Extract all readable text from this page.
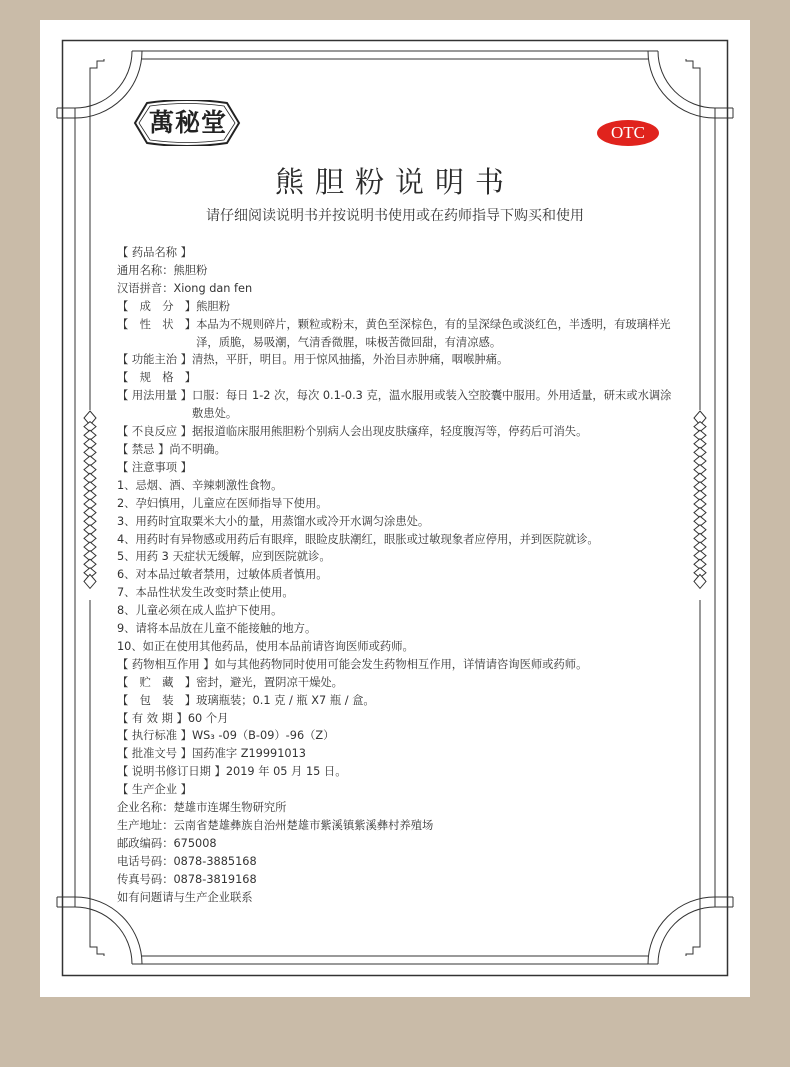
萬秘堂	OTC
熊胆粉说明书
请仔细阅读说明书并按说明书使用或在药师指导下购买和使用
【 药品名称 】
通用名称： 熊胆粉
汉语拼音： Xiong dan fen
【　成　分　】 熊胆粉
【　性　状　】 本品为不规则碎片，颗粒或粉末，黄色至深棕色，有的呈深绿色或淡红色，半透明，有玻璃样光泽，质脆，易吸潮，气清香微腥，味极苦微回甜，有清凉感。
【 功能主治 】 清热，平肝，明目。用于惊风抽搐，外治目赤肿痛，咽喉肿痛。
【　规　格　】
【 用法用量 】 口服：每日 1-2 次，每次 0.1-0.3 克，温水服用或装入空胶囊中服用。外用适量，研末或水调涂敷患处。
【 不良反应 】 据报道临床服用熊胆粉个别病人会出现皮肤瘙痒，轻度腹泻等，停药后可消失。
【 禁忌 】 尚不明确。
【 注意事项 】
1、 忌烟、酒、辛辣刺激性食物。
2、 孕妇慎用，儿童应在医师指导下使用。
3、 用药时宜取粟米大小的量，用蒸馏水或冷开水调匀涂患处。
4、 用药时有异物感或用药后有眼痒，眼睑皮肤潮红，眼胀或过敏现象者应停用，并到医院就诊。
5、 用药 3 天症状无缓解，应到医院就诊。
6、 对本品过敏者禁用，过敏体质者慎用。
7、 本品性状发生改变时禁止使用。
8、 儿童必须在成人监护下使用。
9、 请将本品放在儿童不能接触的地方。
10、 如正在使用其他药品，使用本品前请咨询医师或药师。
【 药物相互作用 】 如与其他药物同时使用可能会发生药物相互作用，详情请咨询医师或药师。
【　贮　藏　】 密封，避光，置阴凉干燥处。
【　包　装　】 玻璃瓶装；0.1 克 / 瓶 X7 瓶 / 盒。
【 有 效 期 】 60 个月
【 执行标准 】 WS₃ -09（B-09）-96（Z）
【 批准文号 】 国药准字 Z19991013
【 说明书修订日期 】 2019 年 05 月 15 日。
【 生产企业 】
企业名称： 楚雄市连墀生物研究所
生产地址： 云南省楚雄彝族自治州楚雄市紫溪镇紫溪彝村养殖场
邮政编码： 675008
电话号码： 0878-3885168
传真号码： 0878-3819168
如有问题请与生产企业联系
